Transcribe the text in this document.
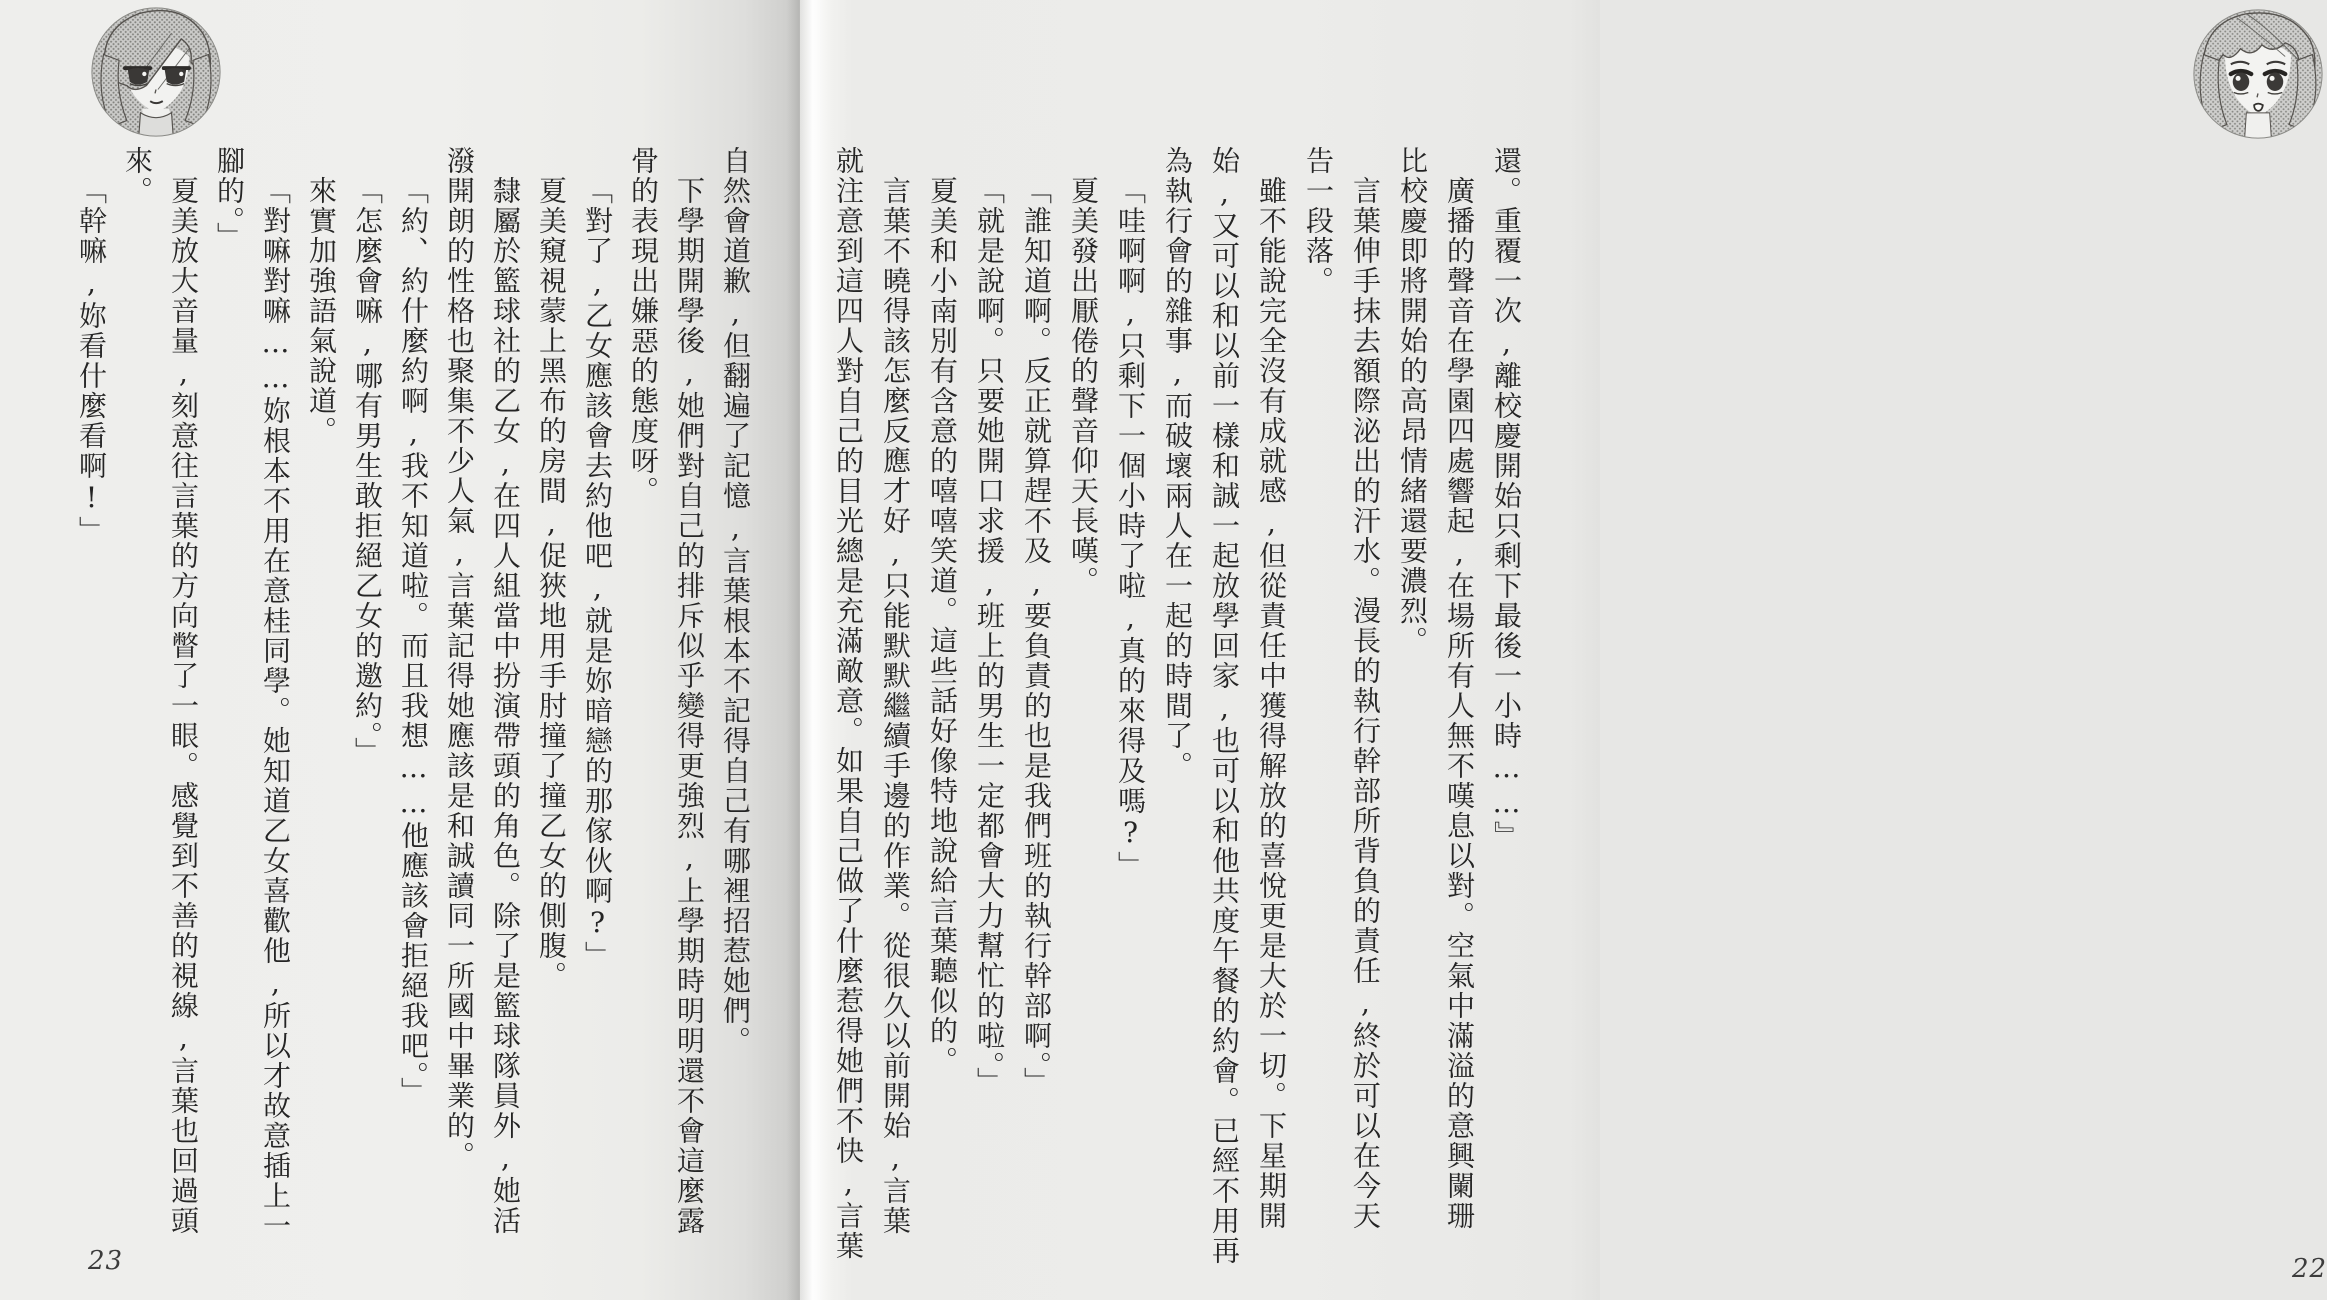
自然會道歉,但翻遍了記憶,言葉根本不記得自己有哪裡招惹她們。
下學期開學後,她們對自己的排斥似乎變得更強烈,上學期時明明還不會這麼露
骨的表現出嫌惡的態度呀。
「對了,乙女應該會去約他吧,就是妳暗戀的那傢伙啊?」
夏美窺視蒙上黑布的房間,促狹地用手肘撞了撞乙女的側腹。
隸屬於籃球社的乙女,在四人組當中扮演帶頭的角色。除了是籃球隊員外,她活
潑開朗的性格也聚集不少人氣,言葉記得她應該是和誠讀同一所國中畢業的。
「約、約什麼約啊,我不知道啦。而且我想……他應該會拒絕我吧。」
「怎麼會嘛,哪有男生敢拒絕乙女的邀約。」
來實加強語氣說道。
「對嘛對嘛……妳根本不用在意桂同學。她知道乙女喜歡他,所以才故意插上一
腳的。」
夏美放大音量,刻意往言葉的方向瞥了一眼。感覺到不善的視線,言葉也回過頭
來。
「幹嘛,妳看什麼看啊!」
23
還。重覆一次,離校慶開始只剩下最後一小時……』
廣播的聲音在學園四處響起,在場所有人無不嘆息以對。空氣中滿溢的意興闌珊
比校慶即將開始的高昂情緒還要濃烈。
言葉伸手抹去額際泌出的汗水。漫長的執行幹部所背負的責任,終於可以在今天
告一段落。
雖不能說完全沒有成就感,但從責任中獲得解放的喜悅更是大於一切。下星期開
始,又可以和以前一樣和誠一起放學回家,也可以和他共度午餐的約會。已經不用再
為執行會的雜事,而破壞兩人在一起的時間了。
「哇啊啊,只剩下一個小時了啦,真的來得及嗎?」
夏美發出厭倦的聲音仰天長嘆。
「誰知道啊。反正就算趕不及,要負責的也是我們班的執行幹部啊。」
「就是說啊。只要她開口求援,班上的男生一定都會大力幫忙的啦。」
夏美和小南別有含意的嘻嘻笑道。這些話好像特地說給言葉聽似的。
言葉不曉得該怎麼反應才好,只能默默繼續手邊的作業。從很久以前開始,言葉
就注意到這四人對自己的目光總是充滿敵意。如果自己做了什麼惹得她們不快,言葉
22
